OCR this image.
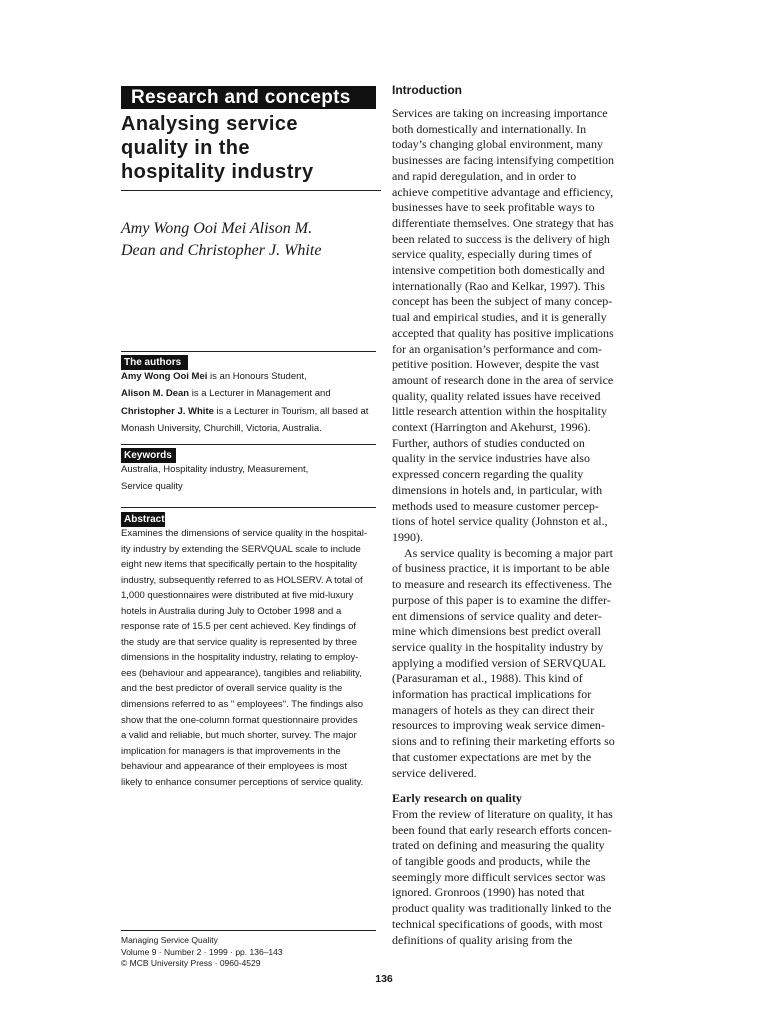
Research and concepts
Analysing service
quality in the
hospitality industry
Amy Wong Ooi Mei Alison M.
Dean and Christopher J. White
The authors
Amy Wong Ooi Mei is an Honours Student,
Alison M. Dean is a Lecturer in Management and
Christopher J. White is a Lecturer in Tourism, all based at
Monash University, Churchill, Victoria, Australia.
Keywords
Australia, Hospitality industry, Measurement,
Service quality
Abstract
Examines the dimensions of service quality in the hospital-
ity industry by extending the SERVQUAL scale to include
eight new items that specifically pertain to the hospitality
industry, subsequently referred to as HOLSERV. A total of
1,000 questionnaires were distributed at five mid-luxury
hotels in Australia during July to October 1998 and a
response rate of 15.5 per cent achieved. Key findings of
the study are that service quality is represented by three
dimensions in the hospitality industry, relating to employ-
ees (behaviour and appearance), tangibles and reliability,
and the best predictor of overall service quality is the
dimensions referred to as " employees". The findings also
show that the one-column format questionnaire provides
a valid and reliable, but much shorter, survey. The major
implication for managers is that improvements in the
behaviour and appearance of their employees is most
likely to enhance consumer perceptions of service quality.
Managing Service Quality
Volume 9 · Number 2 · 1999 · pp. 136–143
© MCB University Press · 0960-4529
136
Introduction
Services are taking on increasing importance
both domestically and internationally. In
today’s changing global environment, many
businesses are facing intensifying competition
and rapid deregulation, and in order to
achieve competitive advantage and efficiency,
businesses have to seek profitable ways to
differentiate themselves. One strategy that has
been related to success is the delivery of high
service quality, especially during times of
intensive competition both domestically and
internationally (Rao and Kelkar, 1997). This
concept has been the subject of many concep-
tual and empirical studies, and it is generally
accepted that quality has positive implications
for an organisation’s performance and com-
petitive position. However, despite the vast
amount of research done in the area of service
quality, quality related issues have received
little research attention within the hospitality
context (Harrington and Akehurst, 1996).
Further, authors of studies conducted on
quality in the service industries have also
expressed concern regarding the quality
dimensions in hotels and, in particular, with
methods used to measure customer percep-
tions of hotel service quality (Johnston et al.,
1990).
As service quality is becoming a major part
of business practice, it is important to be able
to measure and research its effectiveness. The
purpose of this paper is to examine the differ-
ent dimensions of service quality and deter-
mine which dimensions best predict overall
service quality in the hospitality industry by
applying a modified version of SERVQUAL
(Parasuraman et al., 1988). This kind of
information has practical implications for
managers of hotels as they can direct their
resources to improving weak service dimen-
sions and to refining their marketing efforts so
that customer expectations are met by the
service delivered.
Early research on quality
From the review of literature on quality, it has
been found that early research efforts concen-
trated on defining and measuring the quality
of tangible goods and products, while the
seemingly more difficult services sector was
ignored. Gronroos (1990) has noted that
product quality was traditionally linked to the
technical specifications of goods, with most
definitions of quality arising from the
